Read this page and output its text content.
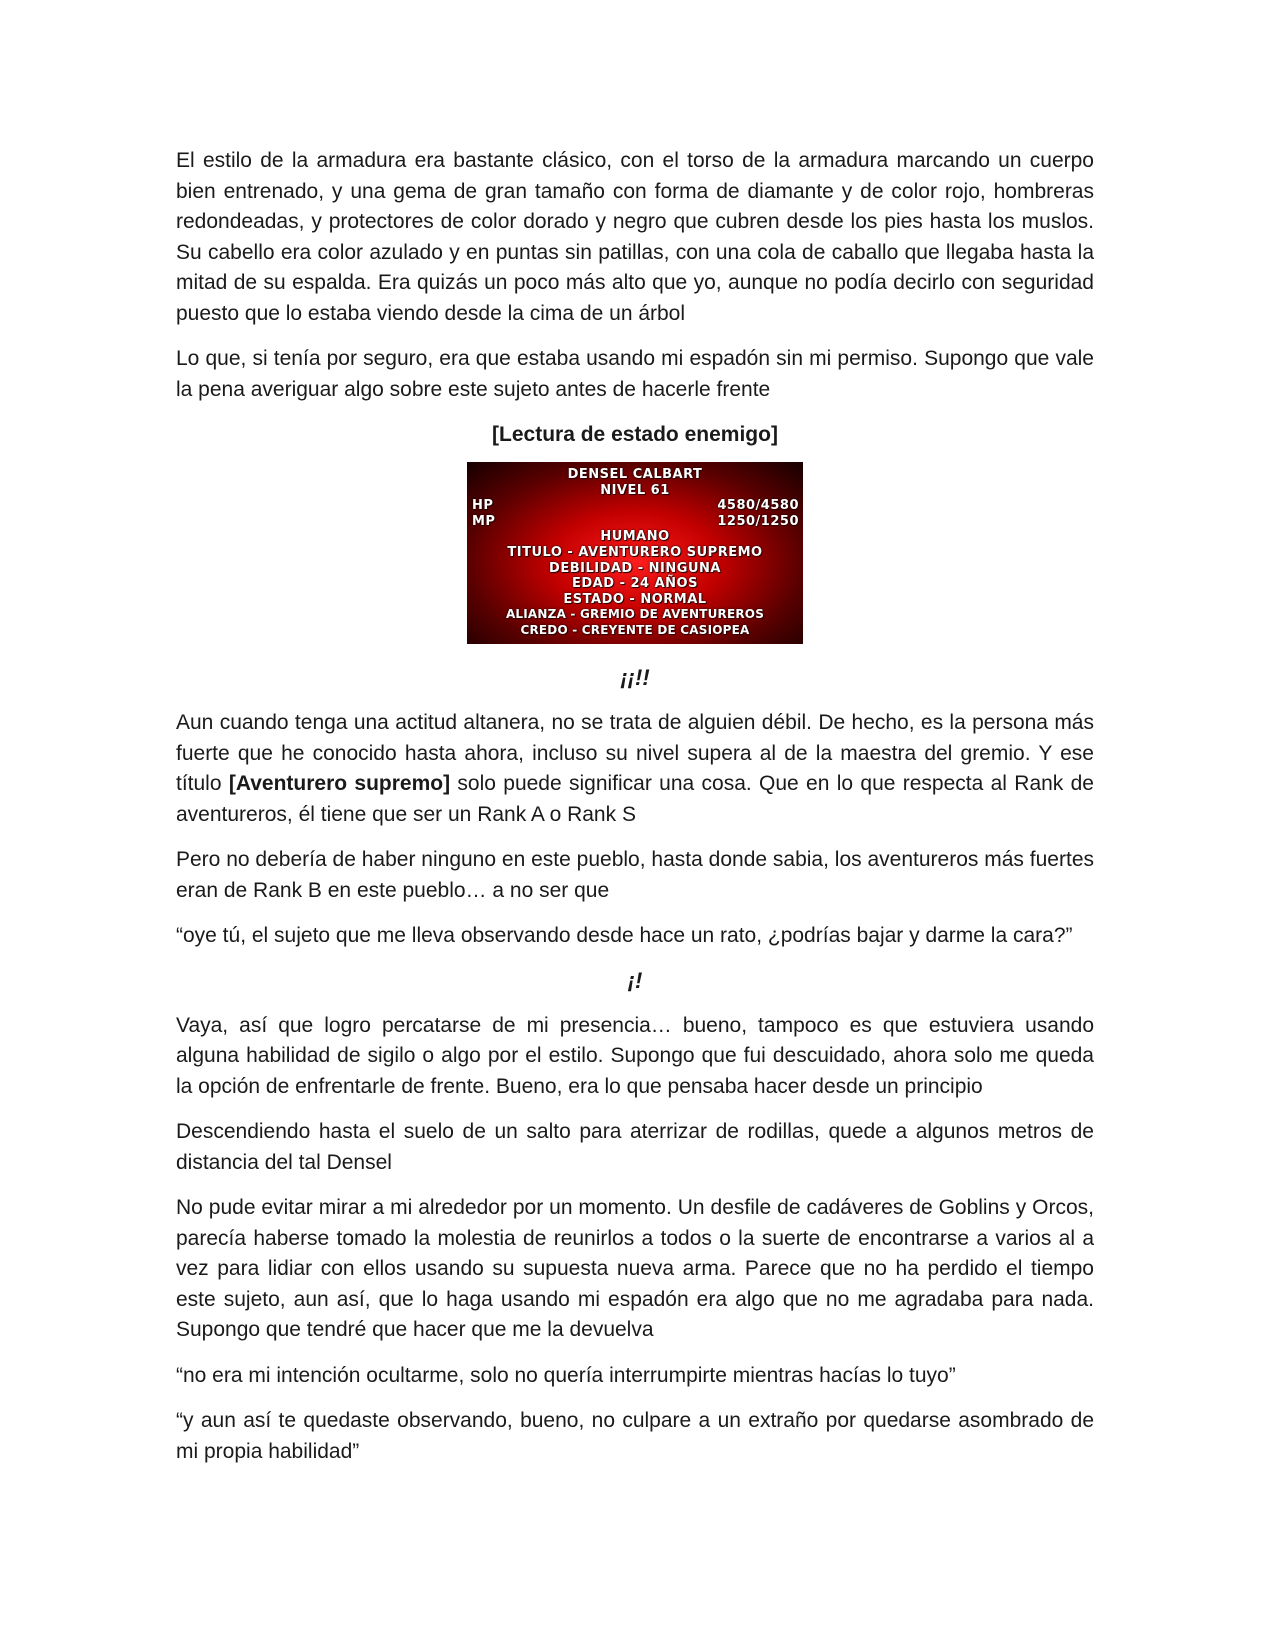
El estilo de la armadura era bastante clásico, con el torso de la armadura marcando un cuerpo bien entrenado, y una gema de gran tamaño con forma de diamante y de color rojo, hombreras redondeadas, y protectores de color dorado y negro que cubren desde los pies hasta los muslos. Su cabello era color azulado y en puntas sin patillas, con una cola de caballo que llegaba hasta la mitad de su espalda. Era quizás un poco más alto que yo, aunque no podía decirlo con seguridad puesto que lo estaba viendo desde la cima de un árbol

Lo que, si tenía por seguro, era que estaba usando mi espadón sin mi permiso. Supongo que vale la pena averiguar algo sobre este sujeto antes de hacerle frente

[Lectura de estado enemigo]
DENSEL CALBART
NIVEL 61
HP	4580/4580
MP	1250/1250
HUMANO
TITULO - AVENTURERO SUPREMO
DEBILIDAD - NINGUNA
EDAD - 24 AÑOS
ESTADO - NORMAL
ALIANZA - GREMIO DE AVENTUREROS
CREDO - CREYENTE DE CASIOPEA
¡¡!!

Aun cuando tenga una actitud altanera, no se trata de alguien débil. De hecho, es la persona más fuerte que he conocido hasta ahora, incluso su nivel supera al de la maestra del gremio. Y ese título [Aventurero supremo] solo puede significar una cosa. Que en lo que respecta al Rank de aventureros, él tiene que ser un Rank A o Rank S

Pero no debería de haber ninguno en este pueblo, hasta donde sabia, los aventureros más fuertes eran de Rank B en este pueblo… a no ser que

“oye tú, el sujeto que me lleva observando desde hace un rato, ¿podrías bajar y darme la cara?”

¡!

Vaya, así que logro percatarse de mi presencia… bueno, tampoco es que estuviera usando alguna habilidad de sigilo o algo por el estilo. Supongo que fui descuidado, ahora solo me queda la opción de enfrentarle de frente. Bueno, era lo que pensaba hacer desde un principio

Descendiendo hasta el suelo de un salto para aterrizar de rodillas, quede a algunos metros de distancia del tal Densel

No pude evitar mirar a mi alrededor por un momento. Un desfile de cadáveres de Goblins y Orcos, parecía haberse tomado la molestia de reunirlos a todos o la suerte de encontrarse a varios al a vez para lidiar con ellos usando su supuesta nueva arma. Parece que no ha perdido el tiempo este sujeto, aun así, que lo haga usando mi espadón era algo que no me agradaba para nada. Supongo que tendré que hacer que me la devuelva

“no era mi intención ocultarme, solo no quería interrumpirte mientras hacías lo tuyo”

“y aun así te quedaste observando, bueno, no culpare a un extraño por quedarse asombrado de mi propia habilidad”
